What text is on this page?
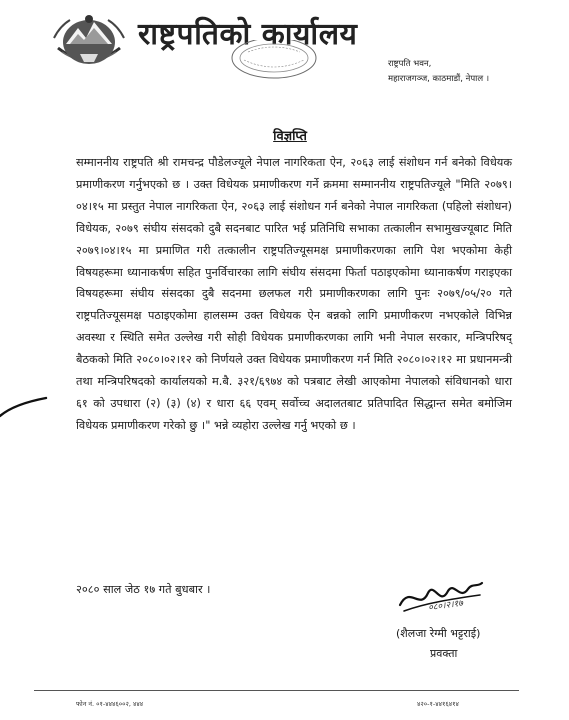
राष्ट्रपतिको कार्यालय
राष्ट्रपति भवन,
महाराजगञ्ज, काठमाडौं, नेपाल ।
विज्ञप्ति

सम्माननीय राष्ट्रपति श्री रामचन्द्र पौडेलज्यूले नेपाल नागरिकता ऐन, २०६३ लाई संशोधन गर्न बनेको विधेयक प्रमाणीकरण गर्नुभएको छ । उक्त विधेयक प्रमाणीकरण गर्ने क्रममा सम्माननीय राष्ट्रपतिज्यूले "मिति २०७९।०४।१५ मा प्रस्तुत नेपाल नागरिकता ऐन, २०६३ लाई संशोधन गर्न बनेको नेपाल नागरिकता (पहिलो संशोधन) विधेयक, २०७९ संघीय संसदको दुबै सदनबाट पारित भई प्रतिनिधि सभाका तत्कालीन सभामुखज्यूबाट मिति २०७९।०४।१५ मा प्रमाणित गरी तत्कालीन राष्ट्रपतिज्यूसमक्ष प्रमाणीकरणका लागि पेश भएकोमा केही विषयहरूमा ध्यानाकर्षण सहित पुनर्विचारका लागि संघीय संसदमा फिर्ता पठाइएकोमा ध्यानाकर्षण गराइएका विषयहरूमा संघीय संसदका दुबै सदनमा छलफल गरी प्रमाणीकरणका लागि पुनः २०७९/०५/२० गते राष्ट्रपतिज्यूसमक्ष पठाइएकोमा हालसम्म उक्त विधेयक ऐन बन्नको लागि प्रमाणीकरण नभएकोले विभिन्न अवस्था र स्थिति समेत उल्लेख गरी सोही विधेयक प्रमाणीकरणका लागि भनी नेपाल सरकार, मन्त्रिपरिषद् बैठकको मिति २०८०।०२।१२ को निर्णयले उक्त विधेयक प्रमाणीकरण गर्न मिति २०८०।०२।१२ मा प्रधानमन्त्री तथा मन्त्रिपरिषदको कार्यालयको म.बै. ३२१/६९७४ को पत्रबाट लेखी आएकोमा नेपालको संविधानको धारा ६१ को उपधारा (२) (३) (४) र धारा ६६ एवम् सर्वोच्च अदालतबाट प्रतिपादित सिद्धान्त समेत बमोजिम विधेयक प्रमाणीकरण गरेको छु ।" भन्ने व्यहोरा उल्लेख गर्नु भएको छ ।

२०८० साल जेठ १७ गते बुधबार ।
०८०।२।१७
(शैलजा रेग्मी भट्टराई)
प्रवक्ता
फोन नं. ०१-४४४६००२, ४४४	४२०-१-४४१६४१४
